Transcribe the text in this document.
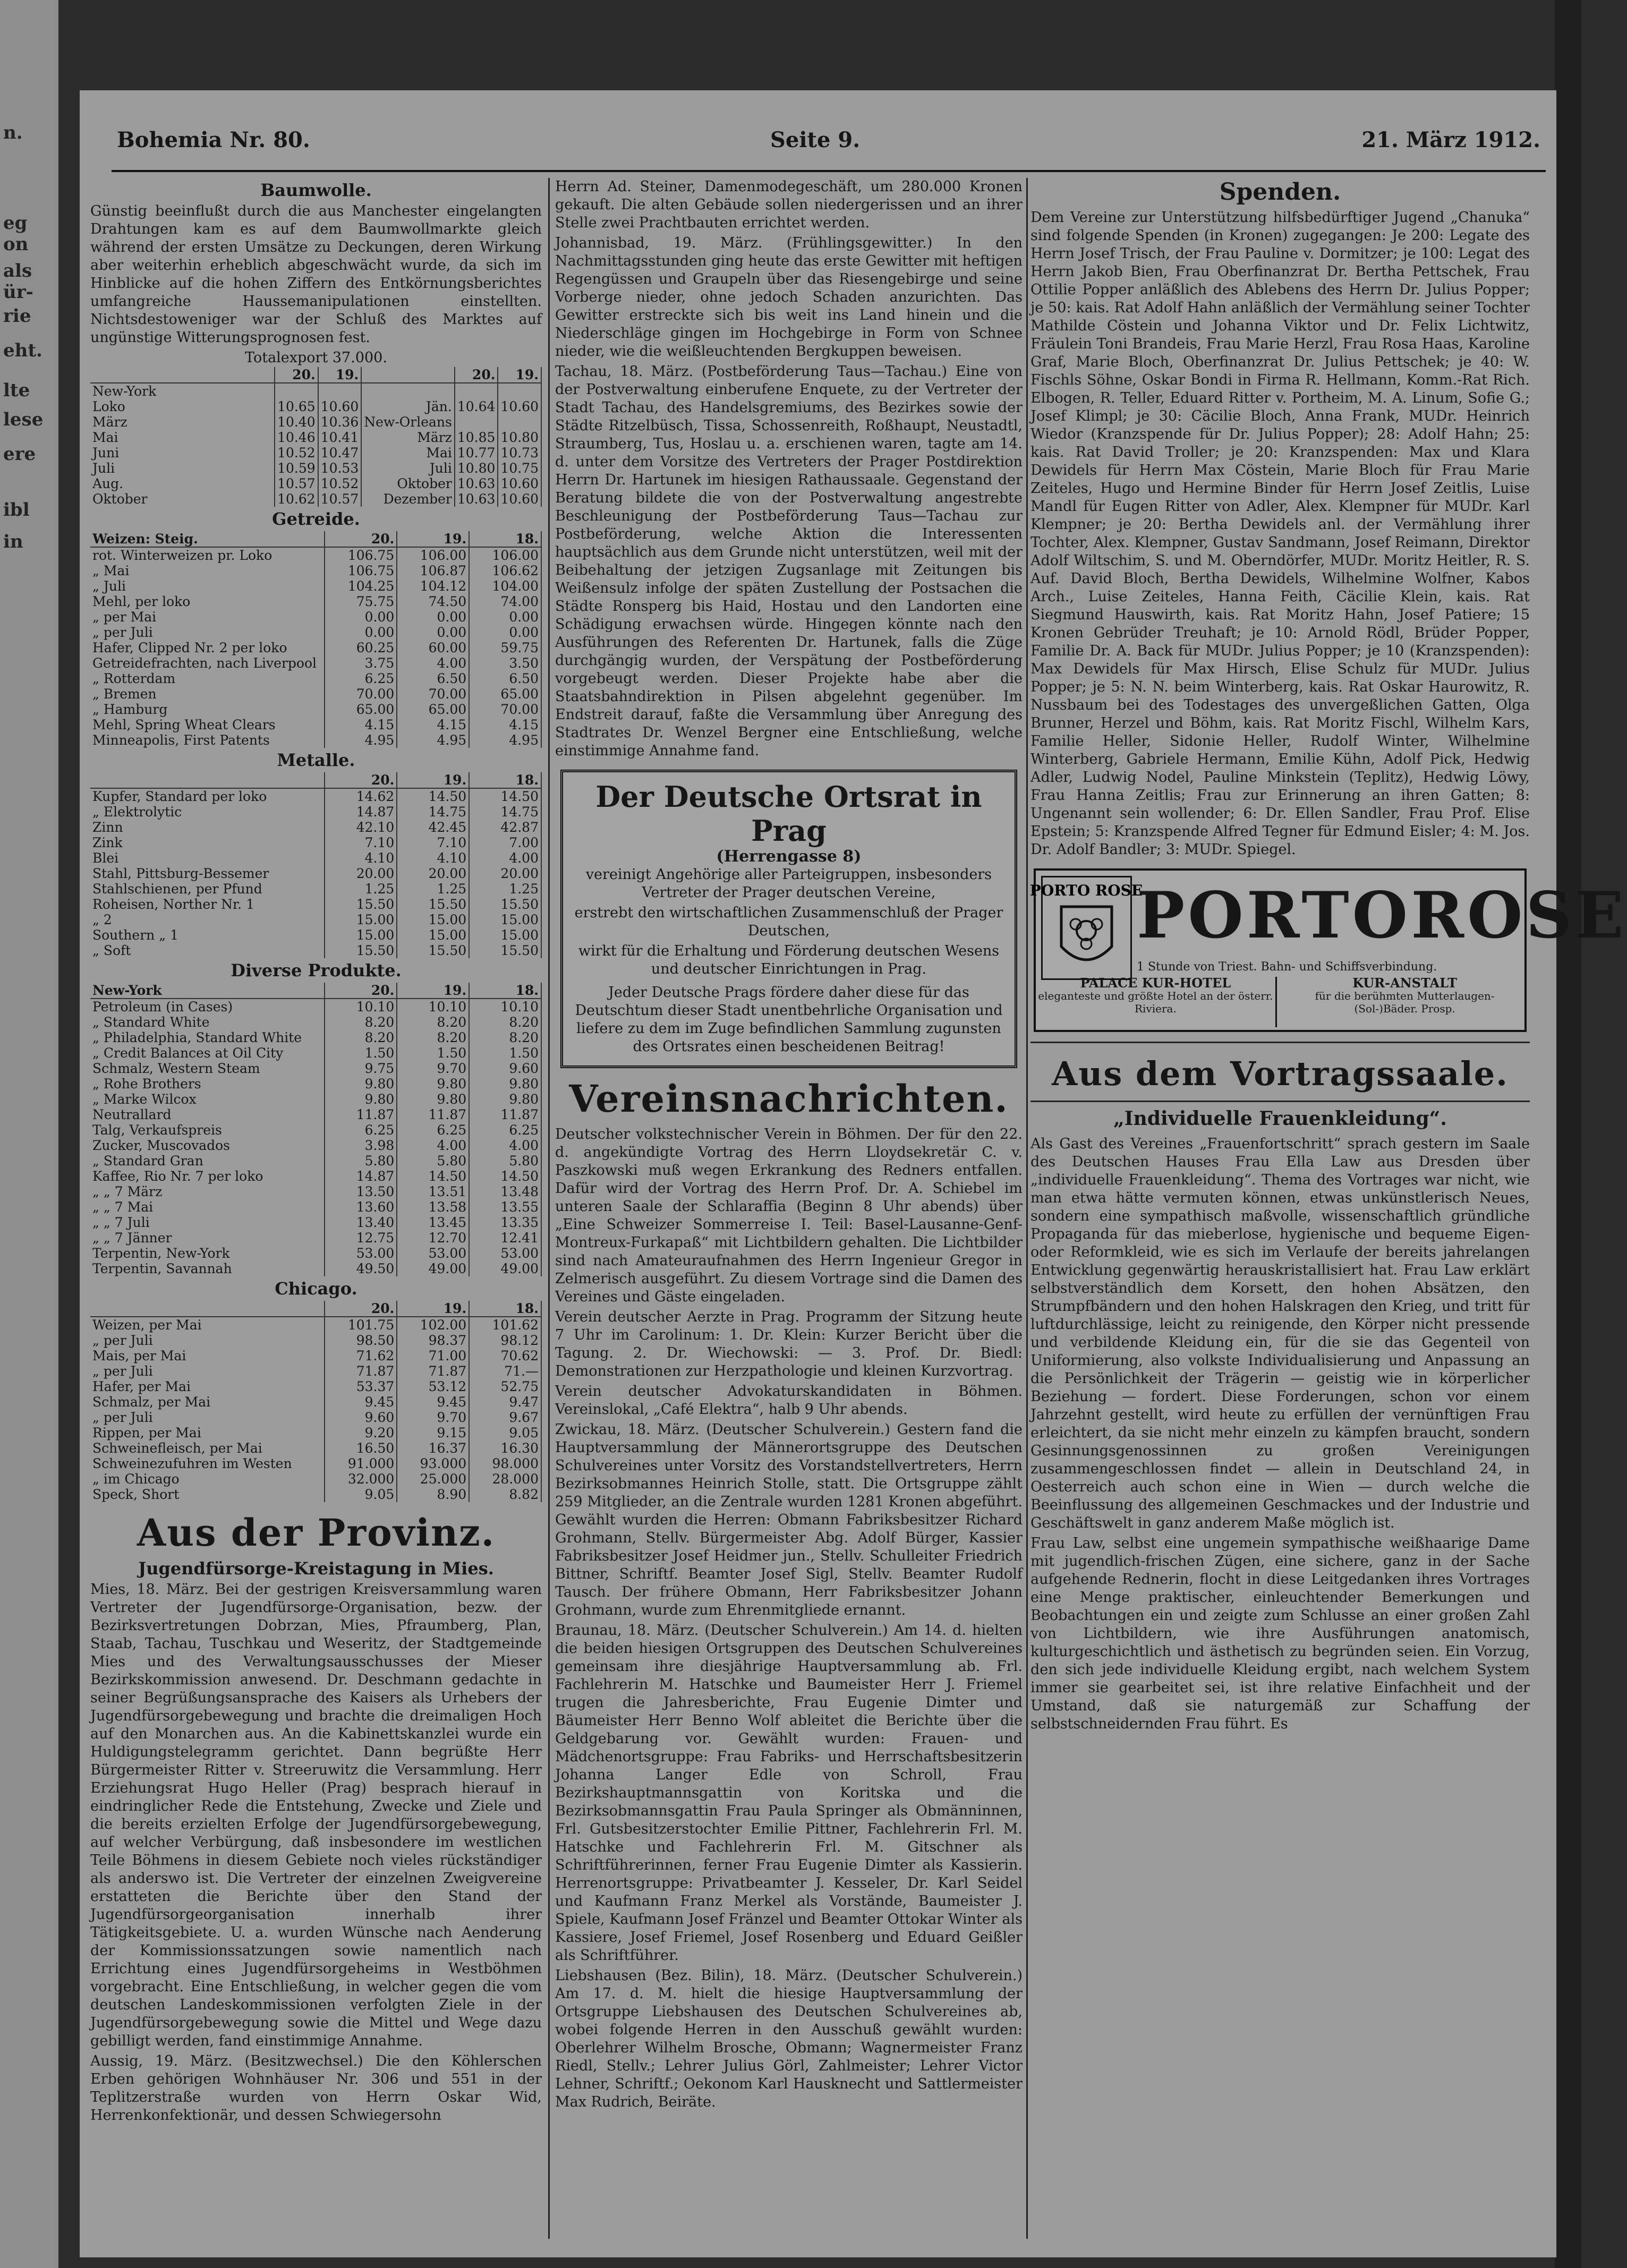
n.
eg
on
als
ür-
rie
eht.
lte
lese
ere
ibl
in
Bohemia Nr. 80.	Seite 9.	21. März 1912.
Baumwolle.
Günstig beeinflußt durch die aus Manchester eingelangten Drahtungen kam es auf dem Baumwollmarkte gleich während der ersten Umsätze zu Deckungen, deren Wirkung aber weiterhin erheblich abgeschwächt wurde, da sich im Hinblicke auf die hohen Ziffern des Entkörnungsberichtes umfangreiche Haussemanipulationen einstellten. Nichtsdestoweniger war der Schluß des Marktes auf ungünstige Witterungsprognosen fest.
Totalexport 37.000.
	20.	19.		20.	19.
New-York					
Loko	10.65	10.60	Jän.	10.64	10.60
März	10.40	10.36	New-Orleans		
Mai	10.46	10.41	März	10.85	10.80
Juni	10.52	10.47	Mai	10.77	10.73
Juli	10.59	10.53	Juli	10.80	10.75
Aug.	10.57	10.52	Oktober	10.63	10.60
Oktober	10.62	10.57	Dezember	10.63	10.60
Getreide.
Weizen: Steig.	20.	19.	18.
rot. Winterweizen pr. Loko	106.75	106.00	106.00
„ Mai	106.75	106.87	106.62
„ Juli	104.25	104.12	104.00
Mehl, per loko	75.75	74.50	74.00
„ per Mai	0.00	0.00	0.00
„ per Juli	0.00	0.00	0.00
Hafer, Clipped Nr. 2 per loko	60.25	60.00	59.75
Getreidefrachten, nach Liverpool	3.75	4.00	3.50
„ Rotterdam	6.25	6.50	6.50
„ Bremen	70.00	70.00	65.00
„ Hamburg	65.00	65.00	70.00
Mehl, Spring Wheat Clears	4.15	4.15	4.15
Minneapolis, First Patents	4.95	4.95	4.95
Metalle.
	20.	19.	18.
Kupfer, Standard per loko	14.62	14.50	14.50
„ Elektrolytic	14.87	14.75	14.75
Zinn	42.10	42.45	42.87
Zink	7.10	7.10	7.00
Blei	4.10	4.10	4.00
Stahl, Pittsburg-Bessemer	20.00	20.00	20.00
Stahlschienen, per Pfund	1.25	1.25	1.25
Roheisen, Norther Nr. 1	15.50	15.50	15.50
„ 2	15.00	15.00	15.00
Southern „ 1	15.00	15.00	15.00
„ Soft	15.50	15.50	15.50
Diverse Produkte.
New-York	20.	19.	18.
Petroleum (in Cases)	10.10	10.10	10.10
„ Standard White	8.20	8.20	8.20
„ Philadelphia, Standard White	8.20	8.20	8.20
„ Credit Balances at Oil City	1.50	1.50	1.50
Schmalz, Western Steam	9.75	9.70	9.60
„ Rohe Brothers	9.80	9.80	9.80
„ Marke Wilcox	9.80	9.80	9.80
Neutrallard	11.87	11.87	11.87
Talg, Verkaufspreis	6.25	6.25	6.25
Zucker, Muscovados	3.98	4.00	4.00
„ Standard Gran	5.80	5.80	5.80
Kaffee, Rio Nr. 7 per loko	14.87	14.50	14.50
„ „ 7 März	13.50	13.51	13.48
„ „ 7 Mai	13.60	13.58	13.55
„ „ 7 Juli	13.40	13.45	13.35
„ „ 7 Jänner	12.75	12.70	12.41
Terpentin, New-York	53.00	53.00	53.00
Terpentin, Savannah	49.50	49.00	49.00
Chicago.
	20.	19.	18.
Weizen, per Mai	101.75	102.00	101.62
„ per Juli	98.50	98.37	98.12
Mais, per Mai	71.62	71.00	70.62
„ per Juli	71.87	71.87	71.—
Hafer, per Mai	53.37	53.12	52.75
Schmalz, per Mai	9.45	9.45	9.47
„ per Juli	9.60	9.70	9.67
Rippen, per Mai	9.20	9.15	9.05
Schweinefleisch, per Mai	16.50	16.37	16.30
Schweinezufuhren im Westen	91.000	93.000	98.000
„ im Chicago	32.000	25.000	28.000
Speck, Short	9.05	8.90	8.82
Aus der Provinz.
Jugendfürsorge-Kreistagung in Mies.
Mies, 18. März. Bei der gestrigen Kreisversammlung waren Vertreter der Jugendfürsorge-Organisation, bezw. der Bezirksvertretungen Dobrzan, Mies, Pfraumberg, Plan, Staab, Tachau, Tuschkau und Weseritz, der Stadtgemeinde Mies und des Verwaltungsausschusses der Mieser Bezirkskommission anwesend. Dr. Deschmann gedachte in seiner Begrüßungsansprache des Kaisers als Urhebers der Jugendfürsorgebewegung und brachte die dreimaligen Hoch auf den Monarchen aus. An die Kabinettskanzlei wurde ein Huldigungstelegramm gerichtet. Dann begrüßte Herr Bürgermeister Ritter v. Streeruwitz die Versammlung. Herr Erziehungsrat Hugo Heller (Prag) besprach hierauf in eindringlicher Rede die Entstehung, Zwecke und Ziele und die bereits erzielten Erfolge der Jugendfürsorgebewegung, auf welcher Verbürgung, daß insbesondere im westlichen Teile Böhmens in diesem Gebiete noch vieles rückständiger als anderswo ist. Die Vertreter der einzelnen Zweigvereine erstatteten die Berichte über den Stand der Jugendfürsorgeorganisation innerhalb ihrer Tätigkeitsgebiete. U. a. wurden Wünsche nach Aenderung der Kommissionssatzungen sowie namentlich nach Errichtung eines Jugendfürsorgeheims in Westböhmen vorgebracht. Eine Entschließung, in welcher gegen die vom deutschen Landeskommissionen verfolgten Ziele in der Jugendfürsorgebewegung sowie die Mittel und Wege dazu gebilligt werden, fand einstimmige Annahme.
Aussig, 19. März. (Besitzwechsel.) Die den Köhlerschen Erben gehörigen Wohnhäuser Nr. 306 und 551 in der Teplitzerstraße wurden von Herrn Oskar Wid, Herrenkonfektionär, und dessen Schwiegersohn
Herrn Ad. Steiner, Damenmodegeschäft, um 280.000 Kronen gekauft. Die alten Gebäude sollen niedergerissen und an ihrer Stelle zwei Prachtbauten errichtet werden.
Johannisbad, 19. März. (Frühlingsgewitter.) In den Nachmittagsstunden ging heute das erste Gewitter mit heftigen Regengüssen und Graupeln über das Riesengebirge und seine Vorberge nieder, ohne jedoch Schaden anzurichten. Das Gewitter erstreckte sich bis weit ins Land hinein und die Niederschläge gingen im Hochgebirge in Form von Schnee nieder, wie die weißleuchtenden Bergkuppen beweisen.
Tachau, 18. März. (Postbeförderung Taus—Tachau.) Eine von der Postverwaltung einberufene Enquete, zu der Vertreter der Stadt Tachau, des Handelsgremiums, des Bezirkes sowie der Städte Ritzelbüsch, Tissa, Schossenreith, Roßhaupt, Neustadtl, Straumberg, Tus, Hoslau u. a. erschienen waren, tagte am 14. d. unter dem Vorsitze des Vertreters der Prager Postdirektion Herrn Dr. Hartunek im hiesigen Rathaussaale. Gegenstand der Beratung bildete die von der Postverwaltung angestrebte Beschleunigung der Postbeförderung Taus—Tachau zur Postbeförderung, welche Aktion die Interessenten hauptsächlich aus dem Grunde nicht unterstützen, weil mit der Beibehaltung der jetzigen Zugsanlage mit Zeitungen bis Weißensulz infolge der späten Zustellung der Postsachen die Städte Ronsperg bis Haid, Hostau und den Landorten eine Schädigung erwachsen würde. Hingegen könnte nach den Ausführungen des Referenten Dr. Hartunek, falls die Züge durchgängig wurden, der Verspätung der Postbeförderung vorgebeugt werden. Dieser Projekte habe aber die Staatsbahndirektion in Pilsen abgelehnt gegenüber. Im Endstreit darauf, faßte die Versammlung über Anregung des Stadtrates Dr. Wenzel Bergner eine Entschließung, welche einstimmige Annahme fand.
Der Deutsche Ortsrat in Prag
(Herrengasse 8)
vereinigt Angehörige aller Parteigruppen, insbesonders Vertreter der Prager deutschen Vereine,
erstrebt den wirtschaftlichen Zusammenschluß der Prager Deutschen,
wirkt für die Erhaltung und Förderung deutschen Wesens und deutscher Einrichtungen in Prag.
Jeder Deutsche Prags fördere daher diese für das Deutschtum dieser Stadt unentbehrliche Organisation und liefere zu dem im Zuge befindlichen Sammlung zugunsten des Ortsrates einen bescheidenen Beitrag!
Vereinsnachrichten.
Deutscher volkstechnischer Verein in Böhmen. Der für den 22. d. angekündigte Vortrag des Herrn Lloydsekretär C. v. Paszkowski muß wegen Erkrankung des Redners entfallen. Dafür wird der Vortrag des Herrn Prof. Dr. A. Schiebel im unteren Saale der Schlaraffia (Beginn 8 Uhr abends) über „Eine Schweizer Sommerreise I. Teil: Basel-Lausanne-Genf-Montreux-Furkapaß“ mit Lichtbildern gehalten. Die Lichtbilder sind nach Amateuraufnahmen des Herrn Ingenieur Gregor in Zelmerisch ausgeführt. Zu diesem Vortrage sind die Damen des Vereines und Gäste eingeladen.
Verein deutscher Aerzte in Prag. Programm der Sitzung heute 7 Uhr im Carolinum: 1. Dr. Klein: Kurzer Bericht über die Tagung. 2. Dr. Wiechowski: — 3. Prof. Dr. Biedl: Demonstrationen zur Herzpathologie und kleinen Kurzvortrag.
Verein deutscher Advokaturskandidaten in Böhmen. Vereinslokal, „Café Elektra“, halb 9 Uhr abends.
Zwickau, 18. März. (Deutscher Schulverein.) Gestern fand die Hauptversammlung der Männerortsgruppe des Deutschen Schulvereines unter Vorsitz des Vorstandstellvertreters, Herrn Bezirksobmannes Heinrich Stolle, statt. Die Ortsgruppe zählt 259 Mitglieder, an die Zentrale wurden 1281 Kronen abgeführt. Gewählt wurden die Herren: Obmann Fabriksbesitzer Richard Grohmann, Stellv. Bürgermeister Abg. Adolf Bürger, Kassier Fabriksbesitzer Josef Heidmer jun., Stellv. Schulleiter Friedrich Bittner, Schriftf. Beamter Josef Sigl, Stellv. Beamter Rudolf Tausch. Der frühere Obmann, Herr Fabriksbesitzer Johann Grohmann, wurde zum Ehrenmitgliede ernannt.
Braunau, 18. März. (Deutscher Schulverein.) Am 14. d. hielten die beiden hiesigen Ortsgruppen des Deutschen Schulvereines gemeinsam ihre diesjährige Hauptversammlung ab. Frl. Fachlehrerin M. Hatschke und Baumeister Herr J. Friemel trugen die Jahresberichte, Frau Eugenie Dimter und Bäumeister Herr Benno Wolf ableitet die Berichte über die Geldgebarung vor. Gewählt wurden: Frauen- und Mädchenortsgruppe: Frau Fabriks- und Herrschaftsbesitzerin Johanna Langer Edle von Schroll, Frau Bezirkshauptmannsgattin von Koritska und die Bezirksobmannsgattin Frau Paula Springer als Obmänninnen, Frl. Gutsbesitzerstochter Emilie Pittner, Fachlehrerin Frl. M. Hatschke und Fachlehrerin Frl. M. Gitschner als Schriftführerinnen, ferner Frau Eugenie Dimter als Kassierin. Herrenortsgruppe: Privatbeamter J. Kesseler, Dr. Karl Seidel und Kaufmann Franz Merkel als Vorstände, Baumeister J. Spiele, Kaufmann Josef Fränzel und Beamter Ottokar Winter als Kassiere, Josef Friemel, Josef Rosenberg und Eduard Geißler als Schriftführer.
Liebshausen (Bez. Bilin), 18. März. (Deutscher Schulverein.) Am 17. d. M. hielt die hiesige Hauptversammlung der Ortsgruppe Liebshausen des Deutschen Schulvereines ab, wobei folgende Herren in den Ausschuß gewählt wurden: Oberlehrer Wilhelm Brosche, Obmann; Wagnermeister Franz Riedl, Stellv.; Lehrer Julius Görl, Zahlmeister; Lehrer Victor Lehner, Schriftf.; Oekonom Karl Hausknecht und Sattlermeister Max Rudrich, Beiräte.
Spenden.
Dem Vereine zur Unterstützung hilfsbedürftiger Jugend „Chanuka“ sind folgende Spenden (in Kronen) zugegangen: Je 200: Legate des Herrn Josef Trisch, der Frau Pauline v. Dormitzer; je 100: Legat des Herrn Jakob Bien, Frau Oberfinanzrat Dr. Bertha Pettschek, Frau Ottilie Popper anläßlich des Ablebens des Herrn Dr. Julius Popper; je 50: kais. Rat Adolf Hahn anläßlich der Vermählung seiner Tochter Mathilde Cöstein und Johanna Viktor und Dr. Felix Lichtwitz, Fräulein Toni Brandeis, Frau Marie Herzl, Frau Rosa Haas, Karoline Graf, Marie Bloch, Oberfinanzrat Dr. Julius Pettschek; je 40: W. Fischls Söhne, Oskar Bondi in Firma R. Hellmann, Komm.-Rat Rich. Elbogen, R. Teller, Eduard Ritter v. Portheim, M. A. Linum, Sofie G.; Josef Klimpl; je 30: Cäcilie Bloch, Anna Frank, MUDr. Heinrich Wiedor (Kranzspende für Dr. Julius Popper); 28: Adolf Hahn; 25: kais. Rat David Troller; je 20: Kranzspenden: Max und Klara Dewidels für Herrn Max Cöstein, Marie Bloch für Frau Marie Zeiteles, Hugo und Hermine Binder für Herrn Josef Zeitlis, Luise Mandl für Eugen Ritter von Adler, Alex. Klempner für MUDr. Karl Klempner; je 20: Bertha Dewidels anl. der Vermählung ihrer Tochter, Alex. Klempner, Gustav Sandmann, Josef Reimann, Direktor Adolf Wiltschim, S. und M. Oberndörfer, MUDr. Moritz Heitler, R. S. Auf. David Bloch, Bertha Dewidels, Wilhelmine Wolfner, Kabos Arch., Luise Zeiteles, Hanna Feith, Cäcilie Klein, kais. Rat Siegmund Hauswirth, kais. Rat Moritz Hahn, Josef Patiere; 15 Kronen Gebrüder Treuhaft; je 10: Arnold Rödl, Brüder Popper, Familie Dr. A. Back für MUDr. Julius Popper; je 10 (Kranzspenden): Max Dewidels für Max Hirsch, Elise Schulz für MUDr. Julius Popper; je 5: N. N. beim Winterberg, kais. Rat Oskar Haurowitz, R. Nussbaum bei des Todestages des unvergeßlichen Gatten, Olga Brunner, Herzel und Böhm, kais. Rat Moritz Fischl, Wilhelm Kars, Familie Heller, Sidonie Heller, Rudolf Winter, Wilhelmine Winterberg, Gabriele Hermann, Emilie Kühn, Adolf Pick, Hedwig Adler, Ludwig Nodel, Pauline Minkstein (Teplitz), Hedwig Löwy, Frau Hanna Zeitlis; Frau zur Erinnerung an ihren Gatten; 8: Ungenannt sein wollender; 6: Dr. Ellen Sandler, Frau Prof. Elise Epstein; 5: Kranzspende Alfred Tegner für Edmund Eisler; 4: M. Jos. Dr. Adolf Bandler; 3: MUDr. Spiegel.
PORTO ROSE
PORTOROSE
1 Stunde von Triest. Bahn- und Schiffsverbindung.
PALACE KUR-HOTEL
eleganteste und größte Hotel an der österr. Riviera.
KUR-ANSTALT
für die berühmten Mutterlaugen-(Sol-)Bäder. Prosp.
Aus dem Vortragssaale.
„Individuelle Frauenkleidung“.
Als Gast des Vereines „Frauenfortschritt“ sprach gestern im Saale des Deutschen Hauses Frau Ella Law aus Dresden über „individuelle Frauenkleidung“. Thema des Vortrages war nicht, wie man etwa hätte vermuten können, etwas unkünstlerisch Neues, sondern eine sympathisch maßvolle, wissenschaftlich gründliche Propaganda für das mieberlose, hygienische und bequeme Eigen- oder Reformkleid, wie es sich im Verlaufe der bereits jahrelangen Entwicklung gegenwärtig herauskristallisiert hat. Frau Law erklärt selbstverständlich dem Korsett, den hohen Absätzen, den Strumpfbändern und den hohen Halskragen den Krieg, und tritt für luftdurchlässige, leicht zu reinigende, den Körper nicht pressende und verbildende Kleidung ein, für die sie das Gegenteil von Uniformierung, also volkste Individualisierung und Anpassung an die Persönlichkeit der Trägerin — geistig wie in körperlicher Beziehung — fordert. Diese Forderungen, schon vor einem Jahrzehnt gestellt, wird heute zu erfüllen der vernünftigen Frau erleichtert, da sie nicht mehr einzeln zu kämpfen braucht, sondern Gesinnungsgenossinnen zu großen Vereinigungen zusammengeschlossen findet — allein in Deutschland 24, in Oesterreich auch schon eine in Wien — durch welche die Beeinflussung des allgemeinen Geschmackes und der Industrie und Geschäftswelt in ganz anderem Maße möglich ist.
Frau Law, selbst eine ungemein sympathische weißhaarige Dame mit jugendlich-frischen Zügen, eine sichere, ganz in der Sache aufgehende Rednerin, flocht in diese Leitgedanken ihres Vortrages eine Menge praktischer, einleuchtender Bemerkungen und Beobachtungen ein und zeigte zum Schlusse an einer großen Zahl von Lichtbildern, wie ihre Ausführungen anatomisch, kulturgeschichtlich und ästhetisch zu begründen seien. Ein Vorzug, den sich jede individuelle Kleidung ergibt, nach welchem System immer sie gearbeitet sei, ist ihre relative Einfachheit und der Umstand, daß sie naturgemäß zur Schaffung der selbstschneidernden Frau führt. Es
